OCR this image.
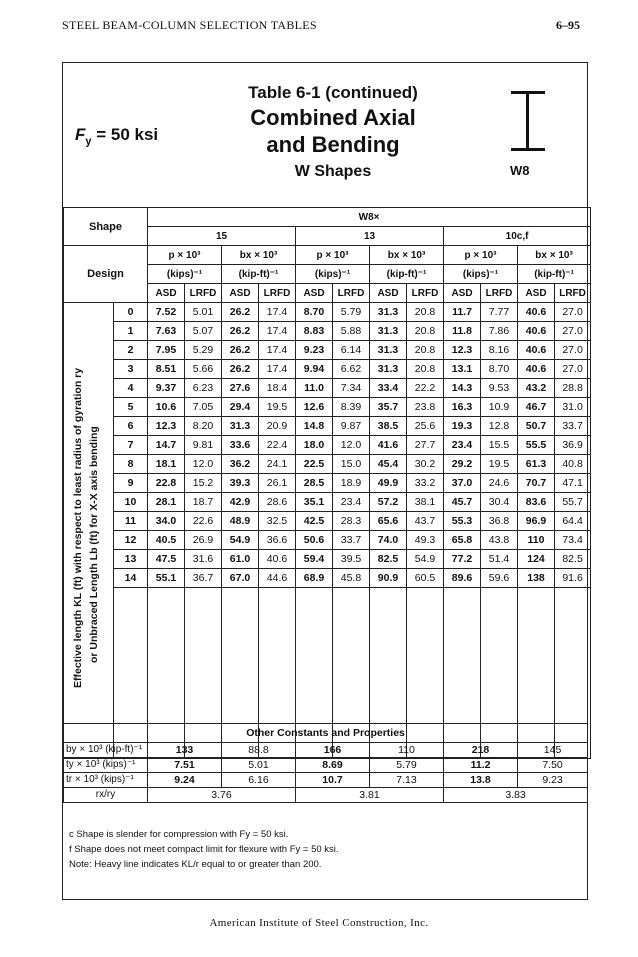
STEEL BEAM-COLUMN SELECTION TABLES	6–95
$F_y = 50$ ksi
Table 6-1 (continued)
Combined Axial
and Bending
W Shapes	W8
Shape		W8×											
		15				13				10c,f			
Design		p × 10³		bx × 10³		p × 10³		bx × 10³		p × 10³		bx × 10³	
		(kips)⁻¹		(kip-ft)⁻¹		(kips)⁻¹		(kip-ft)⁻¹		(kips)⁻¹		(kip-ft)⁻¹	
		ASD	LRFD	ASD	LRFD	ASD	LRFD	ASD	LRFD	ASD	LRFD	ASD	LRFD

Effective length KL (ft) with respect to least radius of gyration ry or Unbraced Length Lb (ft) for X-X axis bending	0	7.52	5.01	26.2	17.4	8.70	5.79	31.3	20.8	11.7	7.77	40.6	27.0
	1	7.63	5.07	26.2	17.4	8.83	5.88	31.3	20.8	11.8	7.86	40.6	27.0
	2	7.95	5.29	26.2	17.4	9.23	6.14	31.3	20.8	12.3	8.16	40.6	27.0
	3	8.51	5.66	26.2	17.4	9.94	6.62	31.3	20.8	13.1	8.70	40.6	27.0
	4	9.37	6.23	27.6	18.4	11.0	7.34	33.4	22.2	14.3	9.53	43.2	28.8
	5	10.6	7.05	29.4	19.5	12.6	8.39	35.7	23.8	16.3	10.9	46.7	31.0
	6	12.3	8.20	31.3	20.9	14.8	9.87	38.5	25.6	19.3	12.8	50.7	33.7
	7	14.7	9.81	33.6	22.4	18.0	12.0	41.6	27.7	23.4	15.5	55.5	36.9
	8	18.1	12.0	36.2	24.1	22.5	15.0	45.4	30.2	29.2	19.5	61.3	40.8
	9	22.8	15.2	39.3	26.1	28.5	18.9	49.9	33.2	37.0	24.6	70.7	47.1
	10	28.1	18.7	42.9	28.6	35.1	23.4	57.2	38.1	45.7	30.4	83.6	55.7
	11	34.0	22.6	48.9	32.5	42.5	28.3	65.6	43.7	55.3	36.8	96.9	64.4
	12	40.5	26.9	54.9	36.6	50.6	33.7	74.0	49.3	65.8	43.8	110	73.4
	13	47.5	31.6	61.0	40.6	59.4	39.5	82.5	54.9	77.2	51.4	124	82.5
	14	55.1	36.7	67.0	44.6	68.9	45.8	90.9	60.5	89.6	59.6	138	91.6

Other Constants and Properties						
by × 10³ (kip-ft)⁻¹	133	88.8	166	110	218	145
ty × 10³ (kips)⁻¹	7.51	5.01	8.69	5.79	11.2	7.50
tr × 10³ (kips)⁻¹	9.24	6.16	10.7	7.13	13.8	9.23
rx/ry	3.76		3.81		3.83	
c Shape is slender for compression with Fy = 50 ksi.
f Shape does not meet compact limit for flexure with Fy = 50 ksi.
Note: Heavy line indicates KL/r equal to or greater than 200.
American Institute of Steel Construction, Inc.
